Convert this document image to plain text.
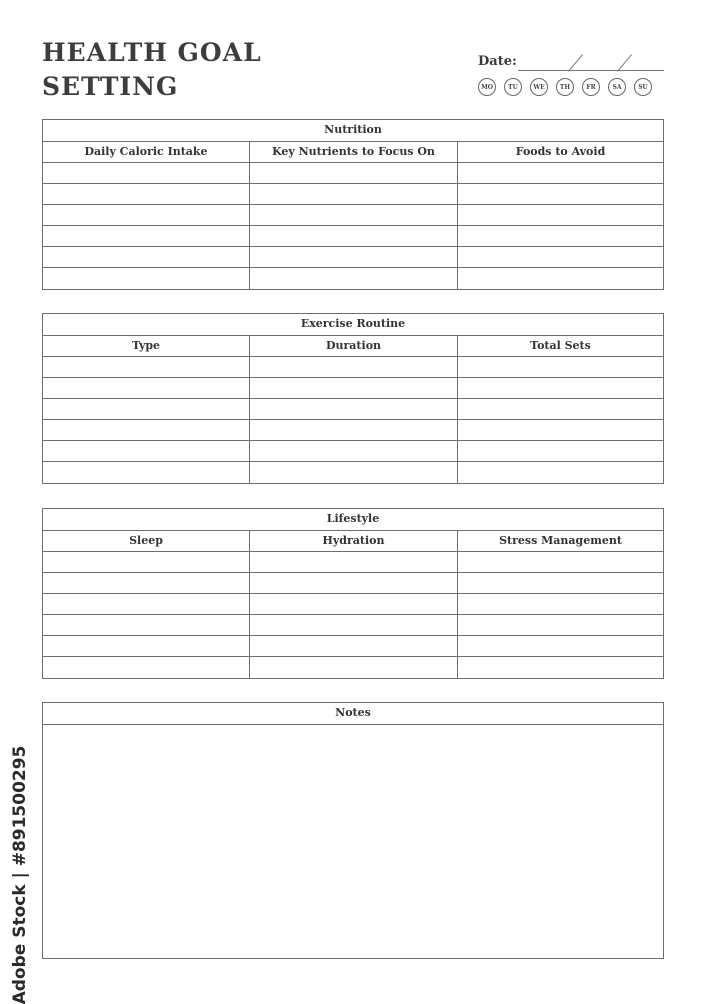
HEALTH GOAL
SETTING
Date:
MO	TU	WE	TH	FR	SA	SU
Nutrition
Daily Caloric Intake	Key Nutrients to Focus On	Foods to Avoid
Exercise Routine
Type	Duration	Total Sets
Lifestyle
Sleep	Hydration	Stress Management
Notes
Adobe Stock | #891500295
